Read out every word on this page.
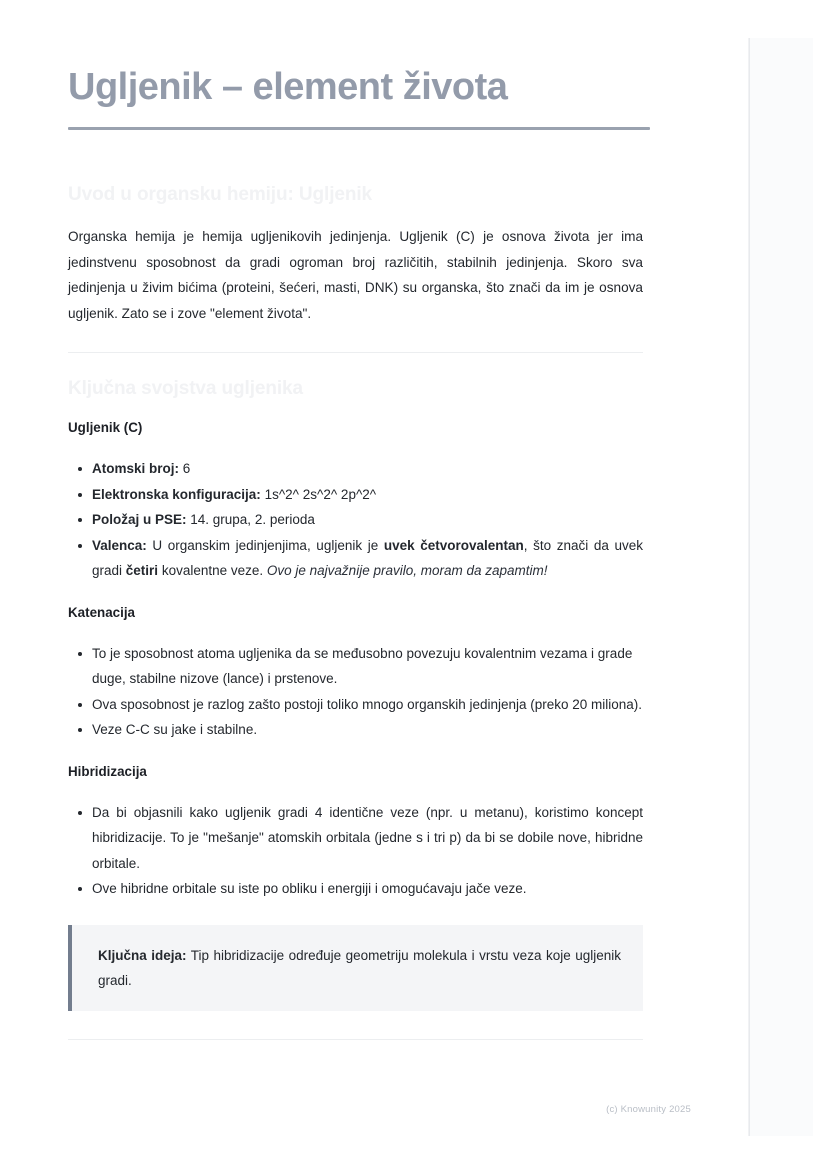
Ugljenik – element života
Uvod u organsku hemiju: Ugljenik

Organska hemija je hemija ugljenikovih jedinjenja. Ugljenik (C) je osnova života jer ima jedinstvenu sposobnost da gradi ogroman broj različitih, stabilnih jedinjenja. Skoro sva jedinjenja u živim bićima (proteini, šećeri, masti, DNK) su organska, što znači da im je osnova ugljenik. Zato se i zove "element života".

Ključna svojstva ugljenika
Ugljenik (C)
Atomski broj: 6
Elektronska konfiguracija: 1s^2^ 2s^2^ 2p^2^
Položaj u PSE: 14. grupa, 2. perioda
Valenca: U organskim jedinjenjima, ugljenik je uvek četvorovalentan, što znači da uvek gradi četiri kovalentne veze. Ovo je najvažnije pravilo, moram da zapamtim!
Katenacija
To je sposobnost atoma ugljenika da se međusobno povezuju kovalentnim vezama i grade duge, stabilne nizove (lance) i prstenove.
Ova sposobnost je razlog zašto postoji toliko mnogo organskih jedinjenja (preko 20 miliona).
Veze C-C su jake i stabilne.
Hibridizacija
Da bi objasnili kako ugljenik gradi 4 identične veze (npr. u metanu), koristimo koncept hibridizacije. To je "mešanje" atomskih orbitala (jedne s i tri p) da bi se dobile nove, hibridne orbitale.
Ove hibridne orbitale su iste po obliku i energiji i omogućavaju jače veze.

Ključna ideja: Tip hibridizacije određuje geometriju molekula i vrstu veza koje ugljenik gradi.

(c) Knowunity 2025
